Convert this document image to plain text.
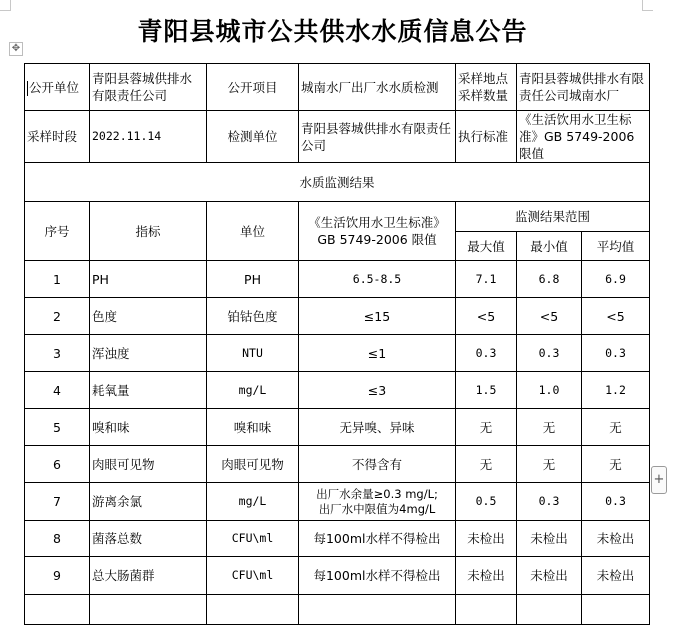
青阳县城市公共供水水质信息公告
✥
+
公开单位	青阳县蓉城供排水有限责任公司	公开项目	城南水厂出厂水水质检测	采样地点采样数量	青阳县蓉城供排水有限责任公司城南水厂	
采样时段	2022.11.14	检测单位	青阳县蓉城供排水有限责任公司	执行标准	《生活饮用水卫生标准》GB 5749-2006 限值	
水质监测结果						
序号	指标	单位	《生活饮用水卫生标准》GB 5749-2006 限值	监测结果范围		
				最大值	最小值	平均值
1	PH	PH	6.5-8.5	7.1	6.8	6.9
2	色度	铂钴色度	≤15	<5	<5	<5
3	浑浊度	NTU	≤1	0.3	0.3	0.3
4	耗氧量	mg/L	≤3	1.5	1.0	1.2
5	嗅和味	嗅和味	无异嗅、异味	无	无	无
6	肉眼可见物	肉眼可见物	不得含有	无	无	无
7	游离余氯	mg/L	出厂水余量≥0.3 mg/L;
出厂水中限值为4mg/L	0.5	0.3	0.3
8	菌落总数	CFU\ml	每100ml水样不得检出	未检出	未检出	未检出
9	总大肠菌群	CFU\ml	每100ml水样不得检出	未检出	未检出	未检出
